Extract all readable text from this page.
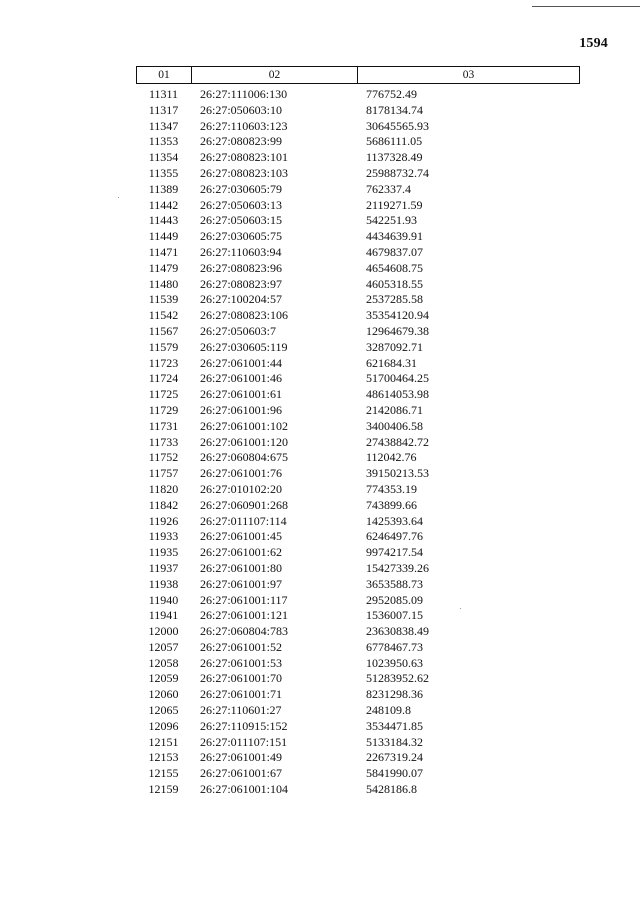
1594
01	02	03
11311	26:27:111006:130	776752.49
11317	26:27:050603:10	8178134.74
11347	26:27:110603:123	30645565.93
11353	26:27:080823:99	5686111.05
11354	26:27:080823:101	1137328.49
11355	26:27:080823:103	25988732.74
11389	26:27:030605:79	762337.4
11442	26:27:050603:13	2119271.59
11443	26:27:050603:15	542251.93
11449	26:27:030605:75	4434639.91
11471	26:27:110603:94	4679837.07
11479	26:27:080823:96	4654608.75
11480	26:27:080823:97	4605318.55
11539	26:27:100204:57	2537285.58
11542	26:27:080823:106	35354120.94
11567	26:27:050603:7	12964679.38
11579	26:27:030605:119	3287092.71
11723	26:27:061001:44	621684.31
11724	26:27:061001:46	51700464.25
11725	26:27:061001:61	48614053.98
11729	26:27:061001:96	2142086.71
11731	26:27:061001:102	3400406.58
11733	26:27:061001:120	27438842.72
11752	26:27:060804:675	112042.76
11757	26:27:061001:76	39150213.53
11820	26:27:010102:20	774353.19
11842	26:27:060901:268	743899.66
11926	26:27:011107:114	1425393.64
11933	26:27:061001:45	6246497.76
11935	26:27:061001:62	9974217.54
11937	26:27:061001:80	15427339.26
11938	26:27:061001:97	3653588.73
11940	26:27:061001:117	2952085.09
11941	26:27:061001:121	1536007.15
12000	26:27:060804:783	23630838.49
12057	26:27:061001:52	6778467.73
12058	26:27:061001:53	1023950.63
12059	26:27:061001:70	51283952.62
12060	26:27:061001:71	8231298.36
12065	26:27:110601:27	248109.8
12096	26:27:110915:152	3534471.85
12151	26:27:011107:151	5133184.32
12153	26:27:061001:49	2267319.24
12155	26:27:061001:67	5841990.07
12159	26:27:061001:104	5428186.8
